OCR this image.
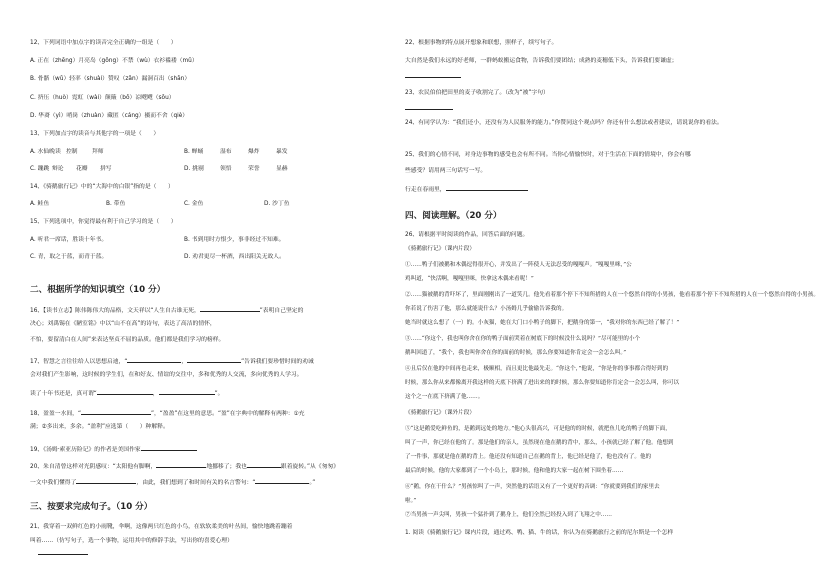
12、下列词语中加点字的读音完全正确的一组是（　　）
A. 正在（zhēng）月亮岛（gōng）不禁（wù）衣衫褴褛（mǔ）
B. 骨骼（wǔ）轻率（shuài）赞叹（zǎn）漏洞百出（shān）
C. 挤压（huò）霓虹（wài）颠簸（bǒ）凉飕飕（sōu）
D. 华裔（yì）哨岗（zhuàn）藏匿（cáng）摄而不舍（qiè）
13、下列加点字的读音与其他字的一项是（　　）
A. 水仙晚读 控制	拜师	B. 蝉蛹	湿布	爆炸	暴发
C. 蹦跳 辩论	花瓣	拼写	D. 挑剔	领悟	荣誉	显赫
14、《骑鹅旅行记》中的“大海中的白银”指的是（　　）
A. 鲑鱼	B. 带鱼	C. 金鱼	D. 沙丁鱼
15、下列选项中，你觉得最有利于自己学习的是（　　）
A. 听君一席话，胜读十年书。	B. 书到用时方恨少，事非经过不知难。
C. 青，取之于蓝，而青于蓝。	D. 劝君更尽一杯酒，西出阳关无故人。
二、根据所学的知识填空（10 分）
16、【读书立志】陈伟陈伟大的品格，文天祥以“人生自古谁无死，	”表明自己坚定的
决心；刘禹锡在《陋室铭》中以“山不在高”的诗句，表达了高洁的情怀，
不怕，要留清白在人间”来表达坚贞不屈的品质。他们都是我们学习的榜样。
17、智慧之言往往给人以思想启迪，“	，	”告诉我们要珍惜时间的劝诫
会对我们产生影响，这时候的学生们，在和好友、情谊的交往中，多和优秀的人交流，多向优秀的人学习。
读了十年书还是，真可谓“	，	”。
18、盈盈一水间，“	”，“盈盈”在这里的意思。“盈”在字典中的解释有两种：①充
满；②多出来，多余。“盈利”应选第（　　）种解释。
19、《汤姆·索亚历险记》的作者是美国作家
20、朱自清曾这样对光阴感叹：“太阳他有脚啊，	地挪移了；我也	跟着旋转。”从《匆匆》
一文中我们懂得了	，由此，我们想到了和时间有关的名言警句：“	。”
三、按要求完成句子。（10 分）
21、我穿着一双鲜红色的小雨靴，伞啊，这像两只红色的小鸟，在软软柔美的叶丛间，愉快地跳着蹦着
叫着……（仿写句子，选一个事物，运用其中的修辞手法，写出你的喜爱心理）
22、根据事物的特点展开想象和联想，照样子，续写句子。
大自然是我们永远的好老师，一群蚂蚁搬运食物，告诉我们要团结；成熟的麦穗低下头，告诉我们要谦虚；
23、农民伯伯把田里的麦子收割完了。（改为“被”字句）
24、有同学认为：“我们还小，还没有为人民服务的能力。”你赞同这个观点吗？你还有什么想法或者建议，请说说你的看法。
25、我们的心情不同，对身边事物的感受也会有所不同。当你心情愉快时，对于生活在下面的情境中，你会有哪
些感受？请用两三句话写一写。
行走在春雨里，
四、阅读理解。（20 分）
26、请根据平时阅读的作品，回答后面的问题。
《骑鹅旅行记》（课内片段）
①……鸭子们被鹅和木偶逗得很开心，并发出了一阵使人无法忍受的嘎嘎声。“嘎嘎里咪，”公
鸡叫道，“快活啊，嘎嘎里咪，快拿这木偶来看呢！”
②……猫被鹅的背吓坏了，里面刚刚出了一道笑几。他先看着那个停下不知所措的人在一个悠然自得的小男孩，他看着那个停下不知所措的人在一个悠然自得的小男孩。
你若说了伤害了他，那么就能说什么？小汤姆几乎偷偷告诉我的。
她当时就这么想了（一）的。小灰猫，她在大门口小鸭子的脚下，把鹅身的第一，“我对你的东西已经了解了！”
③……“你这个，我也叫你舍在你的鸭子面前哭着在树底下的时候没什么说吗？”尽可能里的小个
鹅叫回道了，“我个，我也叫你舍在你的面前的时候，那么你要知道你肯定会一会怎么叫。”
④且后仅在他的中间再也走来，极顺相，而且更比他最先走。“你这个，”他说，“你是你的事事都合得好到的
时候，那么你从来都像离开我这样的天底下挤满了进出来的的时候，那么你要知道你肯定会一会怎么叫，你可以
这个之一在底下挤满了他……。
《骑鹅旅行记》（课外片段）
⑤“这是鹅爱吃鲜鱼的，是鹅到远处的地方。”他心头很高兴，可是他的的时候，就把鱼儿吃的鸭子的脚下面，
叫了一声，你已经在他的了。那是他们的亲人，虽然现在他在鹅的背中，那么，小孩就已经了解了他。他想到
了一件事，那就是他在鹅的背上。他还没有知道自己在鹅的背上，他已经是他了，他也没有了。他的
最后的时候，他的大家都到了一个小岛上，那时候，他和他的大家一起在树下围坐着……
⑥“鹅，你在干什么？”男孩惊叫了一声，突然他的话语又有了一个更好的音调：“你就要到我们的家里去
啦。”
⑦当男孩一声尖叫，男孩一个猛扑到了鹅身上，他们全然已经投入到了飞翔之中……
1. 阅读《骑鹅旅行记》课内片段，通过鸡、鸭、猫、牛的话，你认为在骑鹅旅行之前的尼尔斯是一个怎样
